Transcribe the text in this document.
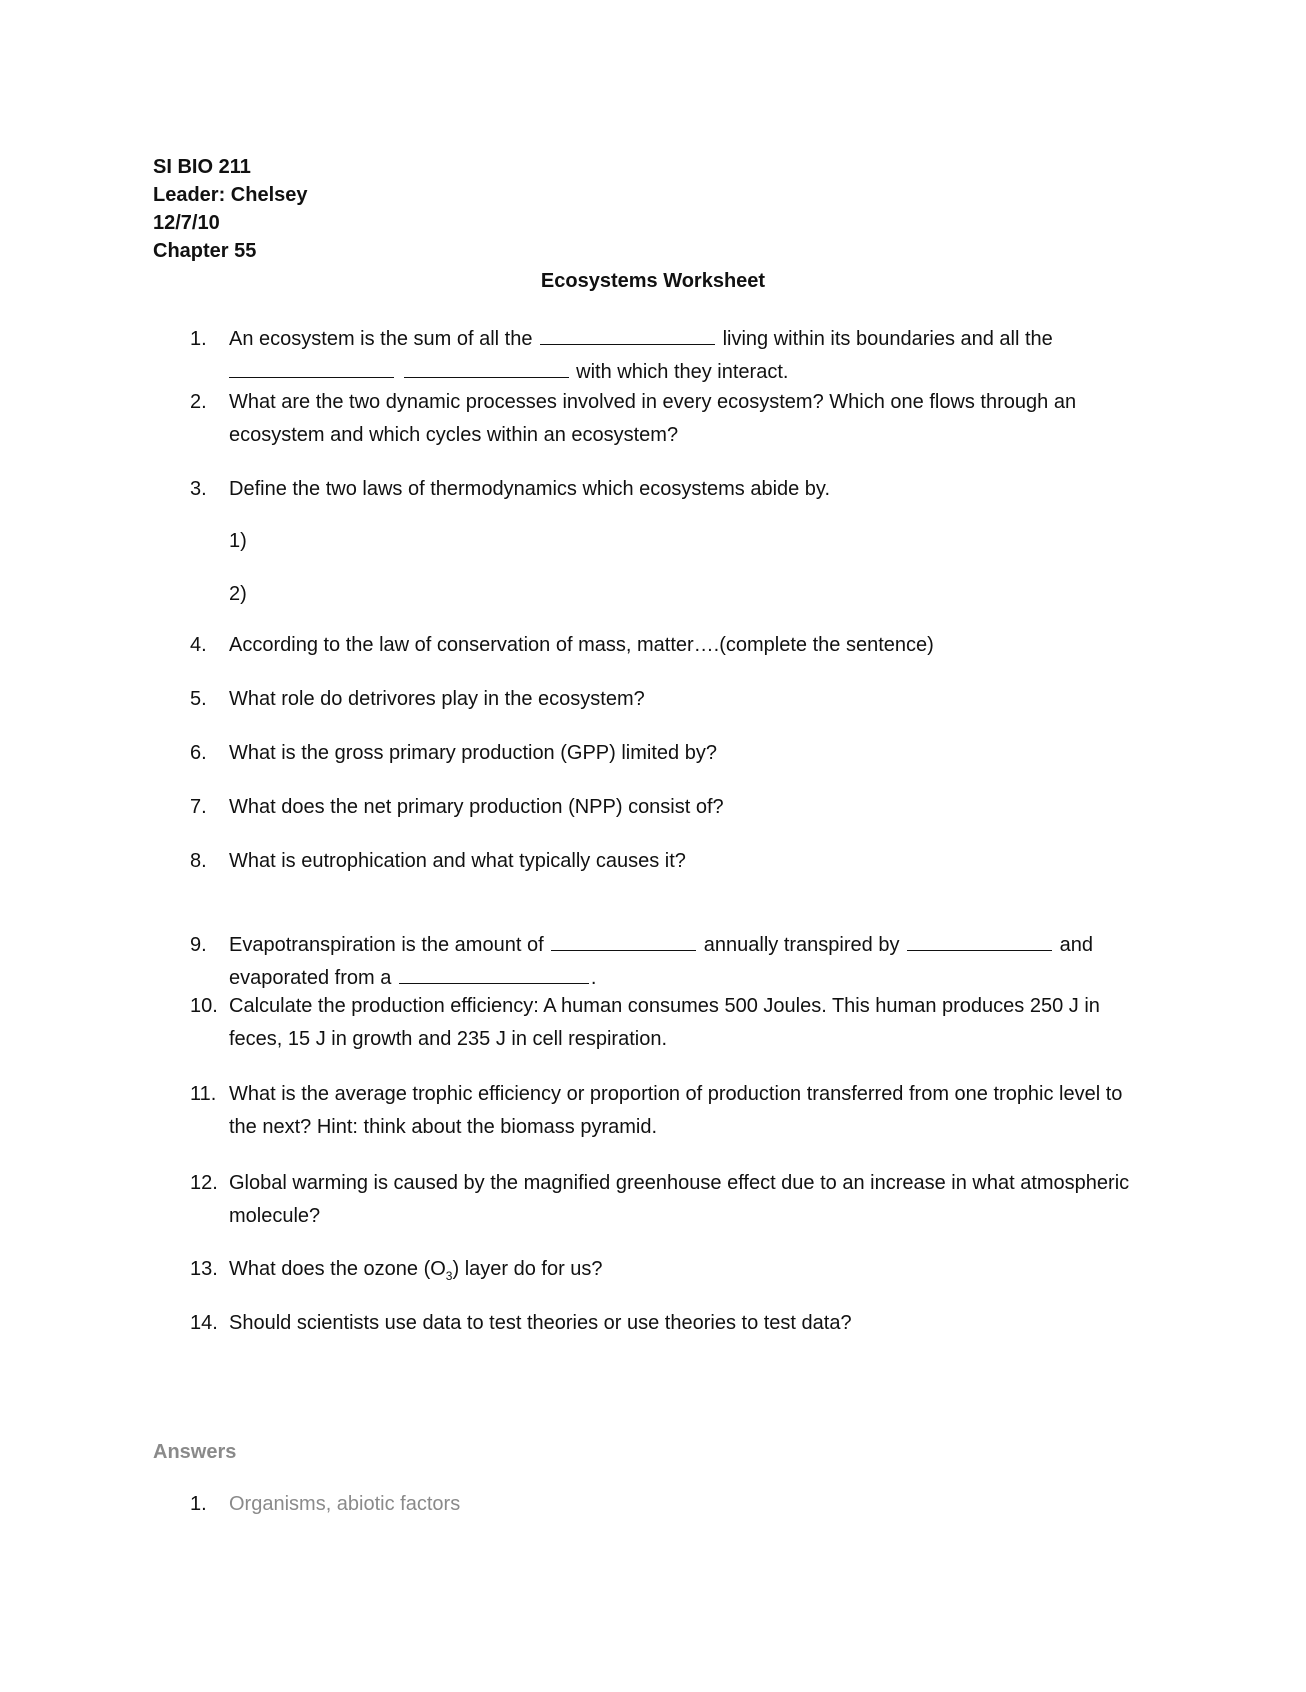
SI BIO 211
Leader: Chelsey
12/7/10
Chapter 55
Ecosystems Worksheet
1.	An ecosystem is the sum of all the	living within its boundaries and all the
with which they interact.
2.	What are the two dynamic processes involved in every ecosystem? Which one flows through an ecosystem and which cycles within an ecosystem?
3.	Define the two laws of thermodynamics which ecosystems abide by.
1)
2)
4.	According to the law of conservation of mass, matter….(complete the sentence)
5.	What role do detrivores play in the ecosystem?
6.	What is the gross primary production (GPP) limited by?
7.	What does the net primary production (NPP) consist of?
8.	What is eutrophication and what typically causes it?
9.	Evapotranspiration is the amount of	annually transpired by	and
evaporated from a	.
10. Calculate the production efficiency: A human consumes 500 Joules. This human produces 250 J in feces, 15 J in growth and 235 J in cell respiration.
11. What is the average trophic efficiency or proportion of production transferred from one trophic level to the next? Hint: think about the biomass pyramid.
12. Global warming is caused by the magnified greenhouse effect due to an increase in what atmospheric molecule?
13. What does the ozone $(O_3)$ layer do for us?
14. Should scientists use data to test theories or use theories to test data?
Answers
1. Organisms, abiotic factors
